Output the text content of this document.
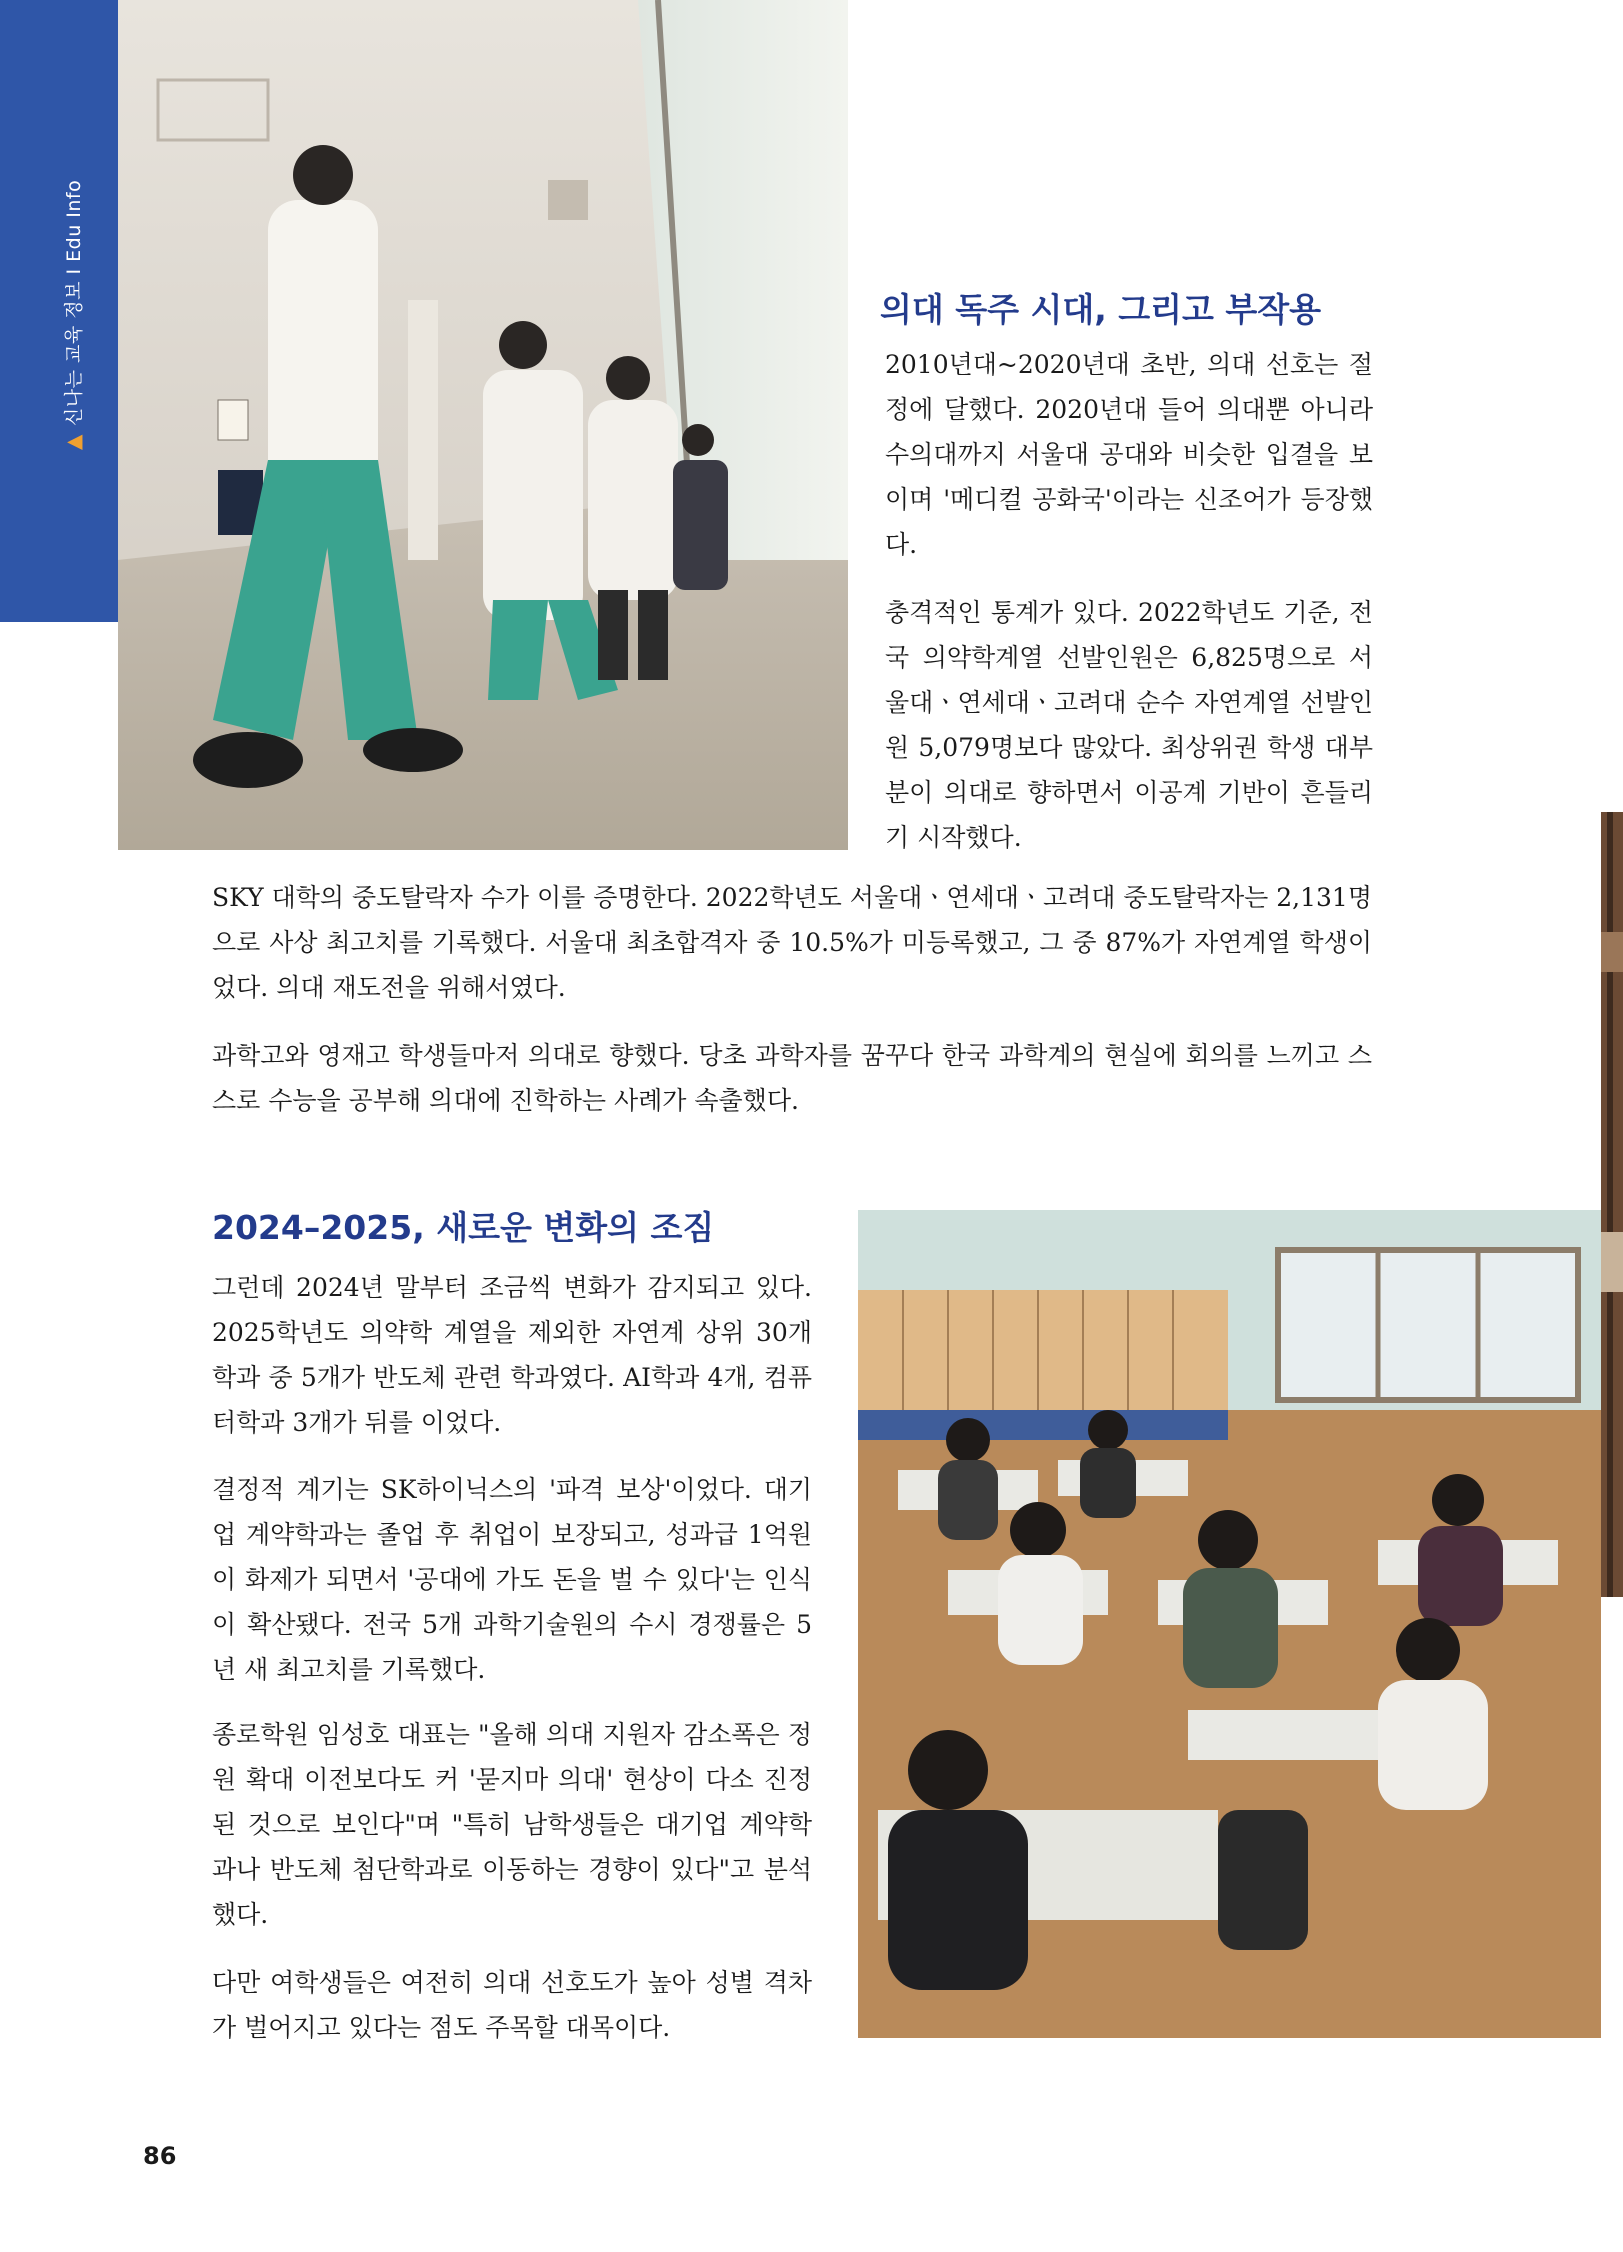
▲
신나는 교육 정보 I Edu Info	의대 독주 시대, 그리고 부작용

2010년대~2020년대 초반, 의대 선호는 절정에 달했다. 2020년대 들어 의대뿐 아니라 수의대까지 서울대 공대와 비슷한 입결을 보이며 '메디컬 공화국'이라는 신조어가 등장했다.

충격적인 통계가 있다. 2022학년도 기준, 전국 의약학계열 선발인원은 6,825명으로 서울대ㆍ연세대ㆍ고려대 순수 자연계열 선발인원 5,079명보다 많았다. 최상위권 학생 대부분이 의대로 향하면서 이공계 기반이 흔들리기 시작했다.

SKY 대학의 중도탈락자 수가 이를 증명한다. 2022학년도 서울대ㆍ연세대ㆍ고려대 중도탈락자는 2,131명으로 사상 최고치를 기록했다. 서울대 최초합격자 중 10.5%가 미등록했고, 그 중 87%가 자연계열 학생이었다. 의대 재도전을 위해서였다.

과학고와 영재고 학생들마저 의대로 향했다. 당초 과학자를 꿈꾸다 한국 과학계의 현실에 회의를 느끼고 스스로 수능을 공부해 의대에 진학하는 사례가 속출했다.

2024–2025, 새로운 변화의 조짐

그런데 2024년 말부터 조금씩 변화가 감지되고 있다. 2025학년도 의약학 계열을 제외한 자연계 상위 30개 학과 중 5개가 반도체 관련 학과였다. AI학과 4개, 컴퓨터학과 3개가 뒤를 이었다.

결정적 계기는 SK하이닉스의 '파격 보상'이었다. 대기업 계약학과는 졸업 후 취업이 보장되고, 성과급 1억원이 화제가 되면서 '공대에 가도 돈을 벌 수 있다'는 인식이 확산됐다. 전국 5개 과학기술원의 수시 경쟁률은 5년 새 최고치를 기록했다.

종로학원 임성호 대표는 "올해 의대 지원자 감소폭은 정원 확대 이전보다도 커 '묻지마 의대' 현상이 다소 진정된 것으로 보인다"며 "특히 남학생들은 대기업 계약학과나 반도체 첨단학과로 이동하는 경향이 있다"고 분석했다.

다만 여학생들은 여전히 의대 선호도가 높아 성별 격차가 벌어지고 있다는 점도 주목할 대목이다.

86
